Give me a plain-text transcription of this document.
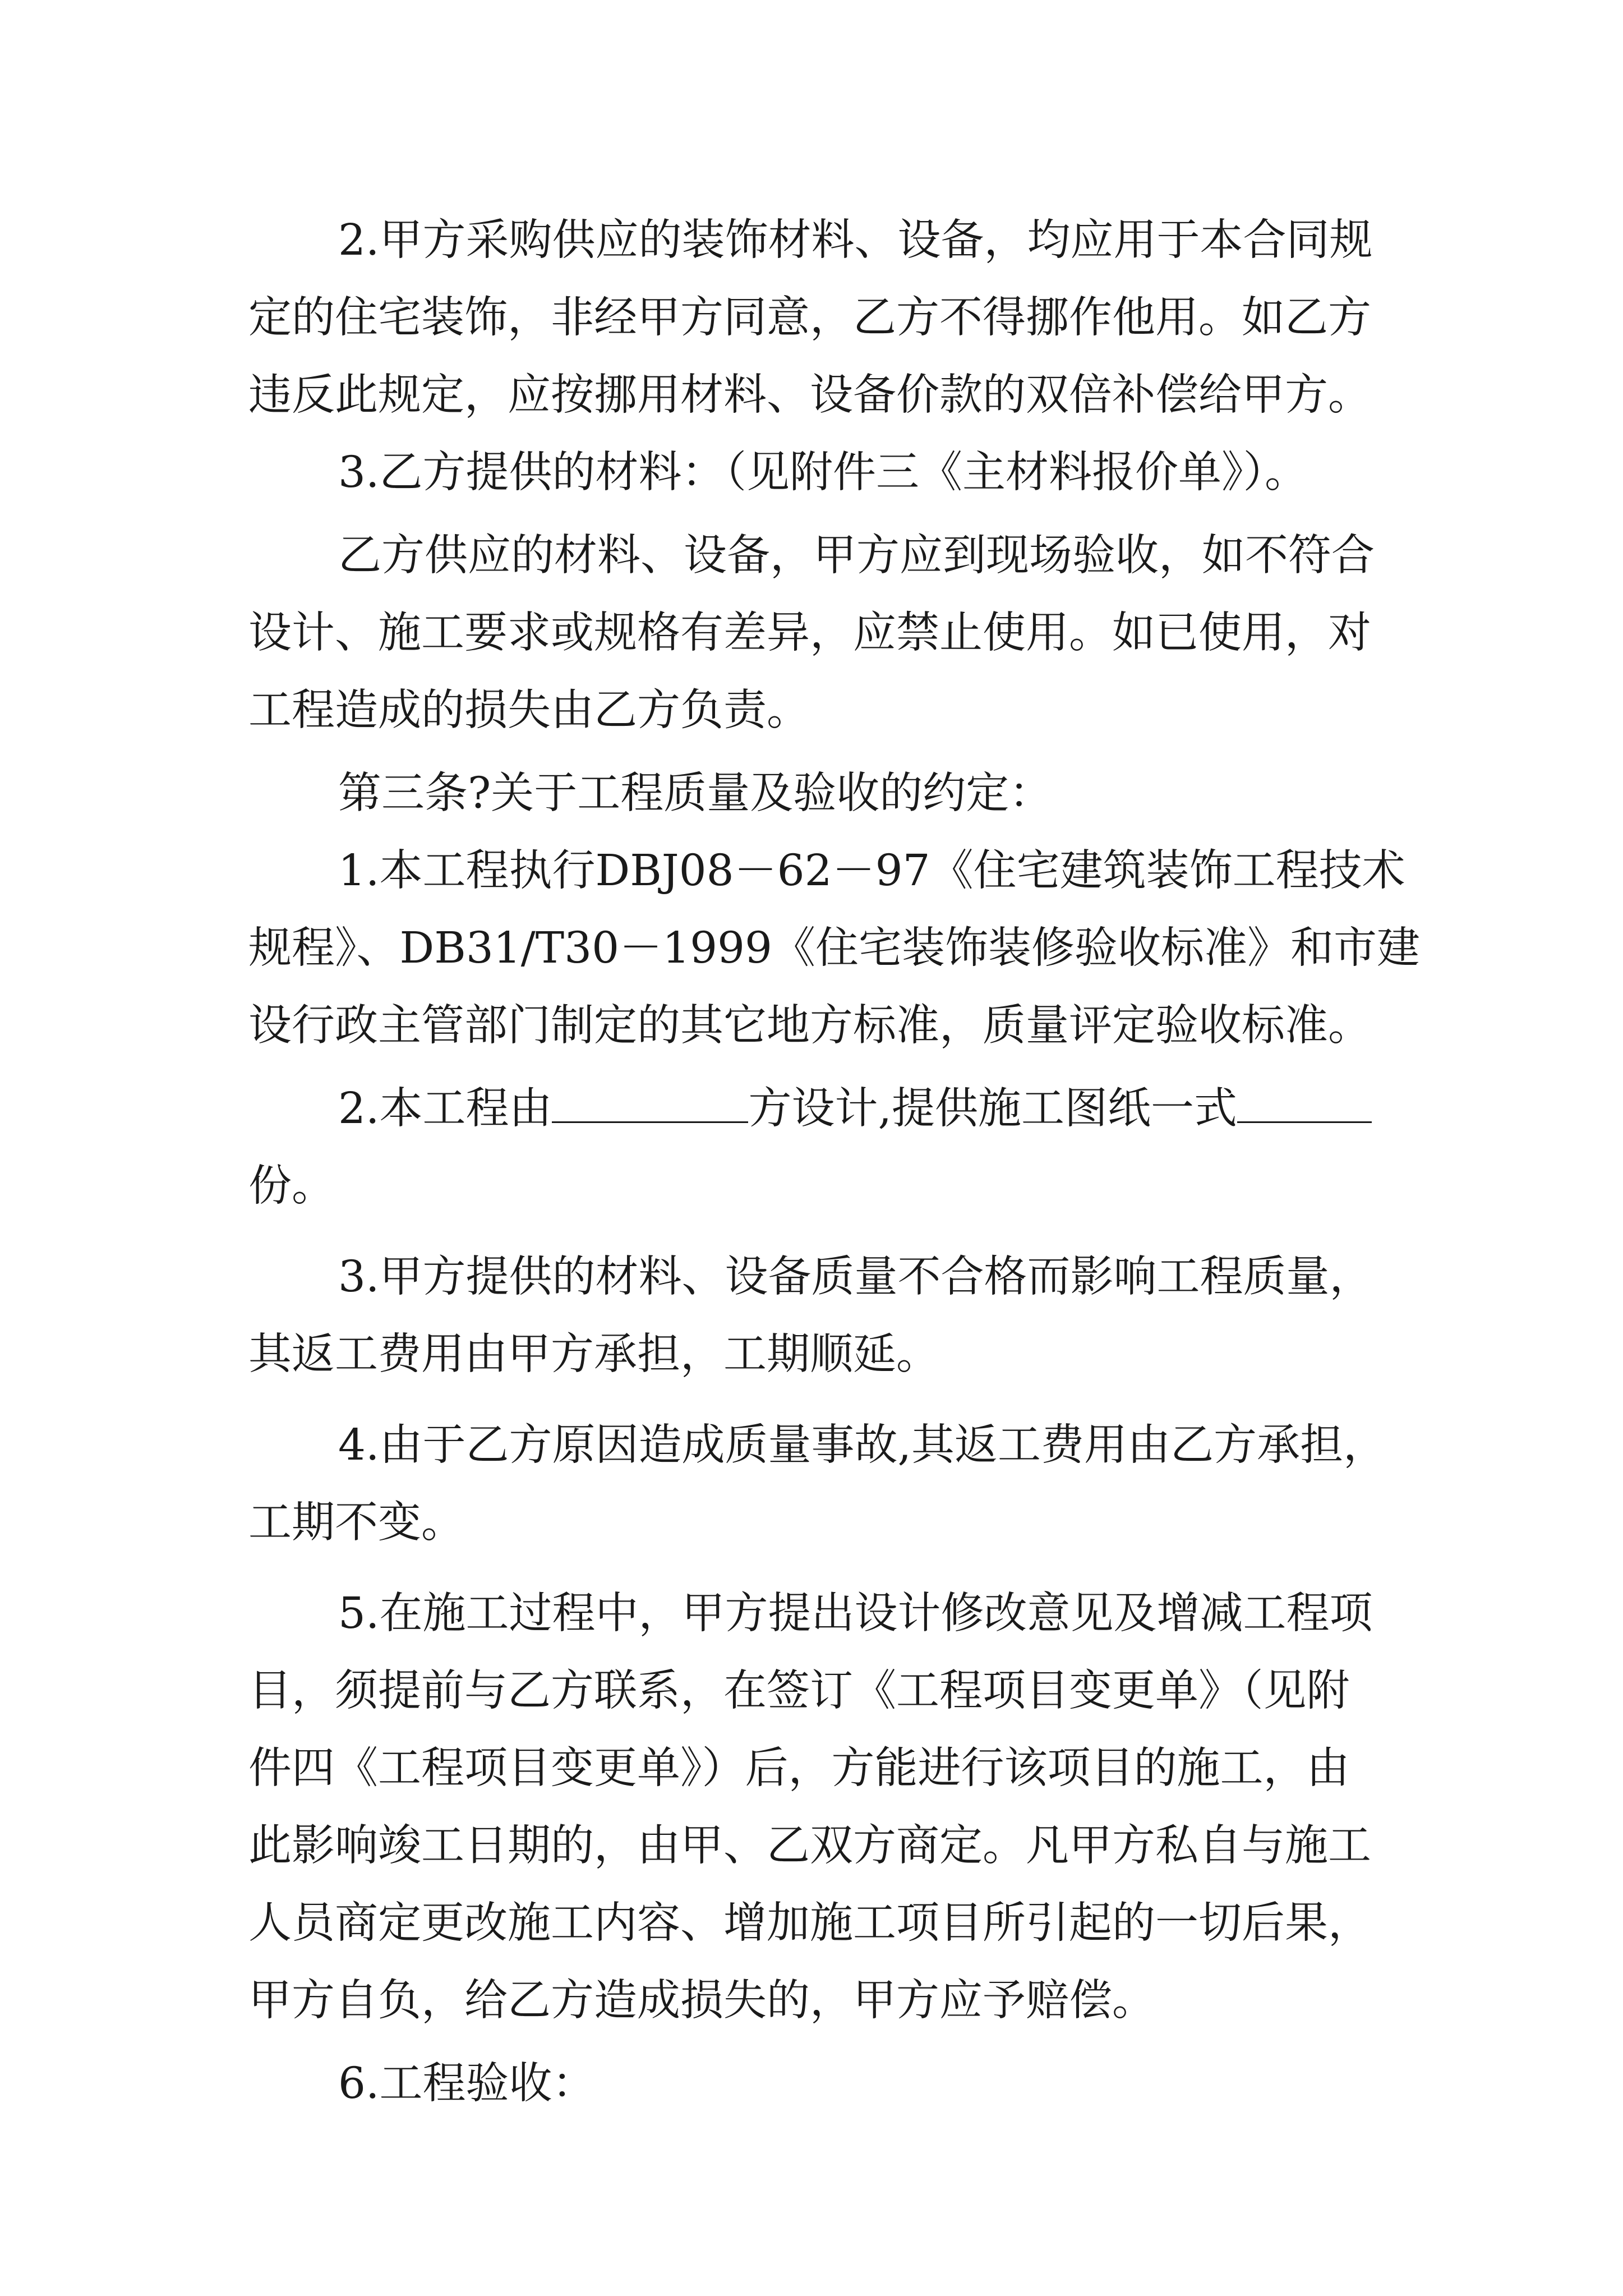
2.甲方采购供应的装饰材料、设备，均应用于本合同规
定的住宅装饰，非经甲方同意，乙方不得挪作他用。如乙方
违反此规定，应按挪用材料、设备价款的双倍补偿给甲方。
3.乙方提供的材料：（见附件三《主材料报价单》）。
乙方供应的材料、设备，甲方应到现场验收，如不符合
设计、施工要求或规格有差异，应禁止使用。如已使用，对
工程造成的损失由乙方负责。
第三条?关于工程质量及验收的约定：
1.本工程执行DBJ08－62－97《住宅建筑装饰工程技术
规程》、DB31/T30－1999《住宅装饰装修验收标准》和市建
设行政主管部门制定的其它地方标准，质量评定验收标准。
2.本工程由	方设计,提供施工图纸一式
份。
3.甲方提供的材料、设备质量不合格而影响工程质量，
其返工费用由甲方承担，工期顺延。
4.由于乙方原因造成质量事故,其返工费用由乙方承担，
工期不变。
5.在施工过程中，甲方提出设计修改意见及增减工程项
目，须提前与乙方联系，在签订《工程项目变更单》（见附
件四《工程项目变更单》）后，方能进行该项目的施工，由
此影响竣工日期的，由甲、乙双方商定。凡甲方私自与施工
人员商定更改施工内容、增加施工项目所引起的一切后果，
甲方自负，给乙方造成损失的，甲方应予赔偿。
6.工程验收：
